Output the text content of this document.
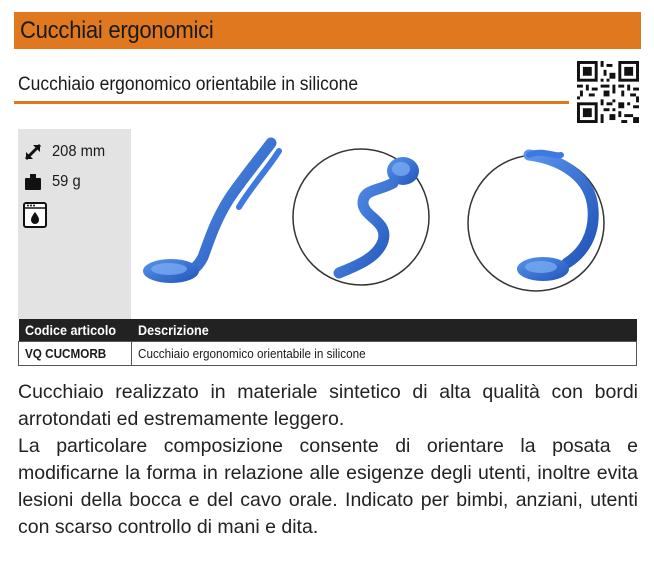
Cucchiai ergonomici
Cucchiaio ergonomico orientabile in silicone
208 mm
59 g
Codice articolo	Descrizione
VQ CUCMORB	Cucchiaio ergonomico orientabile in silicone

Cucchiaio realizzato in materiale sintetico di alta qualità con bordi arrotondati ed estremamente leggero.

La particolare composizione consente di orientare la posata e modificarne la forma in relazione alle esigenze degli utenti, inoltre evita lesioni della bocca e del cavo orale. Indicato per bimbi, anziani, utenti con scarso controllo di mani e dita.
